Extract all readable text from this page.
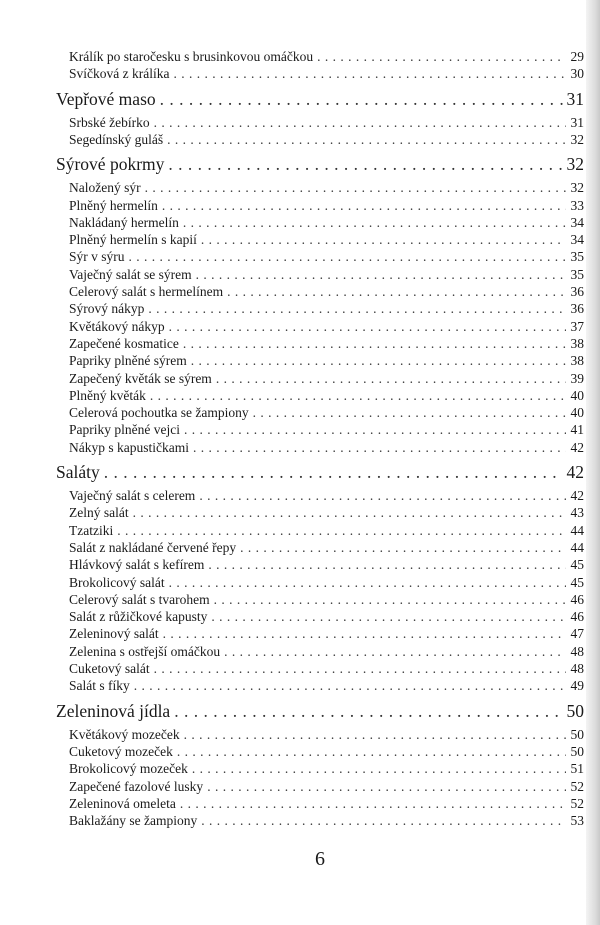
Králík po staročesku s brusinkovou omáčkou . . .	29
Svíčková z králíka . . .	30
Vepřové maso . . .	31
Srbské žebírko . . .	31
Segedínský guláš . . .	32
Sýrové pokrmy . . .	32
Naložený sýr . . .	32
Plněný hermelín . . .	33
Nakládaný hermelín . . .	34
Plněný hermelín s kapií . . .	34
Sýr v sýru . . .	35
Vaječný salát se sýrem . . .	35
Celerový salát s hermelínem . . .	36
Sýrový nákyp . . .	36
Květákový nákyp . . .	37
Zapečené kosmatice . . .	38
Papriky plněné sýrem . . .	38
Zapečený květák se sýrem . . .	39
Plněný květák . . .	40
Celerová pochoutka se žampiony . . .	40
Papriky plněné vejci . . .	41
Nákyp s kapustičkami . . .	42
Saláty . . .	42
Vaječný salát s celerem . . .	42
Zelný salát . . .	43
Tzatziki . . .	44
Salát z nakládané červené řepy . . .	44
Hlávkový salát s kefírem . . .	45
Brokolicový salát . . .	45
Celerový salát s tvarohem . . .	46
Salát z růžičkové kapusty . . .	46
Zeleninový salát . . .	47
Zelenina s ostřejší omáčkou . . .	48
Cuketový salát . . .	48
Salát s fíky . . .	49
Zeleninová jídla . . .	50
Květákový mozeček . . .	50
Cuketový mozeček . . .	50
Brokolicový mozeček . . .	51
Zapečené fazolové lusky . . .	52
Zeleninová omeleta . . .	52
Baklažány se žampiony . . .	53
6
